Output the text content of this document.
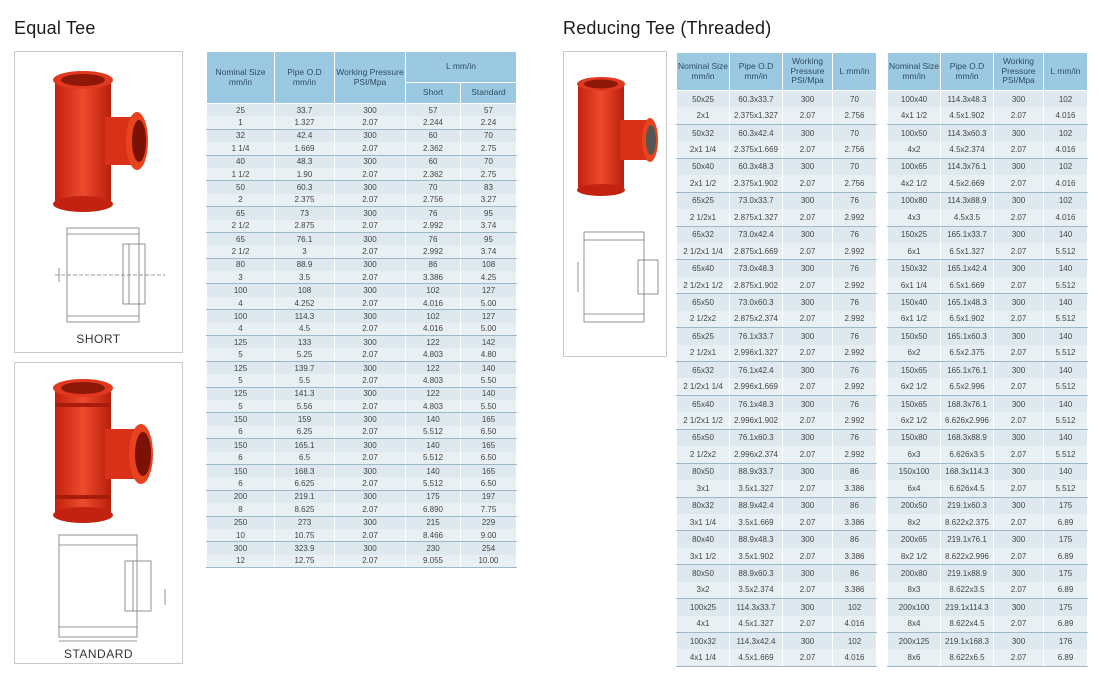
Equal Tee	Reducing Tee (Threaded)
SHORT
STANDARD
Nominal Size mm/in	Pipe O.D mm/in	Working Pressure PSI/Mpa	L mm/in	
			Short	Standard
25	33.7	300	57	57
1	1.327	2.07	2.244	2.24
32	42.4	300	60	70
1 1/4	1.669	2.07	2.362	2.75
40	48.3	300	60	70
1 1/2	1.90	2.07	2.362	2.75
50	60.3	300	70	83
2	2.375	2.07	2.756	3.27
65	73	300	76	95
2 1/2	2.875	2.07	2.992	3.74
65	76.1	300	76	95
2 1/2	3	2.07	2.992	3.74
80	88.9	300	86	108
3	3.5	2.07	3.386	4.25
100	108	300	102	127
4	4.252	2.07	4.016	5.00
100	114.3	300	102	127
4	4.5	2.07	4.016	5.00
125	133	300	122	142
5	5.25	2.07	4.803	4.80
125	139.7	300	122	140
5	5.5	2.07	4.803	5.50
125	141.3	300	122	140
5	5.56	2.07	4.803	5.50
150	159	300	140	165
6	6.25	2.07	5.512	6.50
150	165.1	300	140	165
6	6.5	2.07	5.512	6.50
150	168.3	300	140	165
6	6.625	2.07	5.512	6.50
200	219.1	300	175	197
8	8.625	2.07	6.890	7.75
250	273	300	215	229
10	10.75	2.07	8.466	9.00
300	323.9	300	230	254
12	12.75	2.07	9.055	10.00
Nominal Size mm/in	Pipe O.D mm/in	Working Pressure PSI/Mpa	L mm/in
50x25	60.3x33.7	300	70
2x1	2.375x1.327	2.07	2.756
50x32	60.3x42.4	300	70
2x1 1/4	2.375x1.669	2.07	2.756
50x40	60.3x48.3	300	70
2x1 1/2	2.375x1.902	2.07	2.756
65x25	73.0x33.7	300	76
2 1/2x1	2.875x1.327	2.07	2.992
65x32	73.0x42.4	300	76
2 1/2x1 1/4	2.875x1.669	2.07	2.992
65x40	73.0x48.3	300	76
2 1/2x1 1/2	2.875x1.902	2.07	2.992
65x50	73.0x60.3	300	76
2 1/2x2	2.875x2.374	2.07	2.992
65x25	76.1x33.7	300	76
2 1/2x1	2.996x1.327	2.07	2.992
65x32	76.1x42.4	300	76
2 1/2x1 1/4	2.996x1.669	2.07	2.992
65x40	76.1x48.3	300	76
2 1/2x1 1/2	2.996x1.902	2.07	2.992
65x50	76.1x60.3	300	76
2 1/2x2	2.996x2.374	2.07	2.992
80x50	88.9x33.7	300	86
3x1	3.5x1.327	2.07	3.386
80x32	88.9x42.4	300	86
3x1 1/4	3.5x1.669	2.07	3.386
80x40	88.9x48.3	300	86
3x1 1/2	3.5x1.902	2.07	3.386
80x50	88.9x60.3	300	86
3x2	3.5x2.374	2.07	3.386
100x25	114.3x33.7	300	102
4x1	4.5x1.327	2.07	4.016
100x32	114.3x42.4	300	102
4x1 1/4	4.5x1.669	2.07	4.016
Nominal Size mm/in	Pipe O.D mm/in	Working Pressure PSI/Mpa	L mm/in
100x40	114.3x48.3	300	102
4x1 1/2	4.5x1.902	2.07	4.016
100x50	114.3x60.3	300	102
4x2	4.5x2.374	2.07	4.016
100x65	114.3x76.1	300	102
4x2 1/2	4.5x2.669	2.07	4.016
100x80	114.3x88.9	300	102
4x3	4.5x3.5	2.07	4.016
150x25	165.1x33.7	300	140
6x1	6.5x1.327	2.07	5.512
150x32	165.1x42.4	300	140
6x1 1/4	6.5x1.669	2.07	5.512
150x40	165.1x48.3	300	140
6x1 1/2	6.5x1.902	2.07	5.512
150x50	165.1x60.3	300	140
6x2	6.5x2.375	2.07	5.512
150x65	165.1x76.1	300	140
6x2 1/2	6.5x2.996	2.07	5.512
150x65	168.3x76.1	300	140
6x2 1/2	6.626x2.996	2.07	5.512
150x80	168.3x88.9	300	140
6x3	6.626x3.5	2.07	5.512
150x100	168.3x114.3	300	140
6x4	6.626x4.5	2.07	5.512
200x50	219.1x60.3	300	175
8x2	8.622x2.375	2.07	6.89
200x65	219.1x76.1	300	175
8x2 1/2	8.622x2.996	2.07	6.89
200x80	219.1x88.9	300	175
8x3	8.622x3.5	2.07	6.89
200x100	219.1x114.3	300	175
8x4	8.622x4.5	2.07	6.89
200x125	219.1x168.3	300	176
8x6	8.622x6.5	2.07	6.89
